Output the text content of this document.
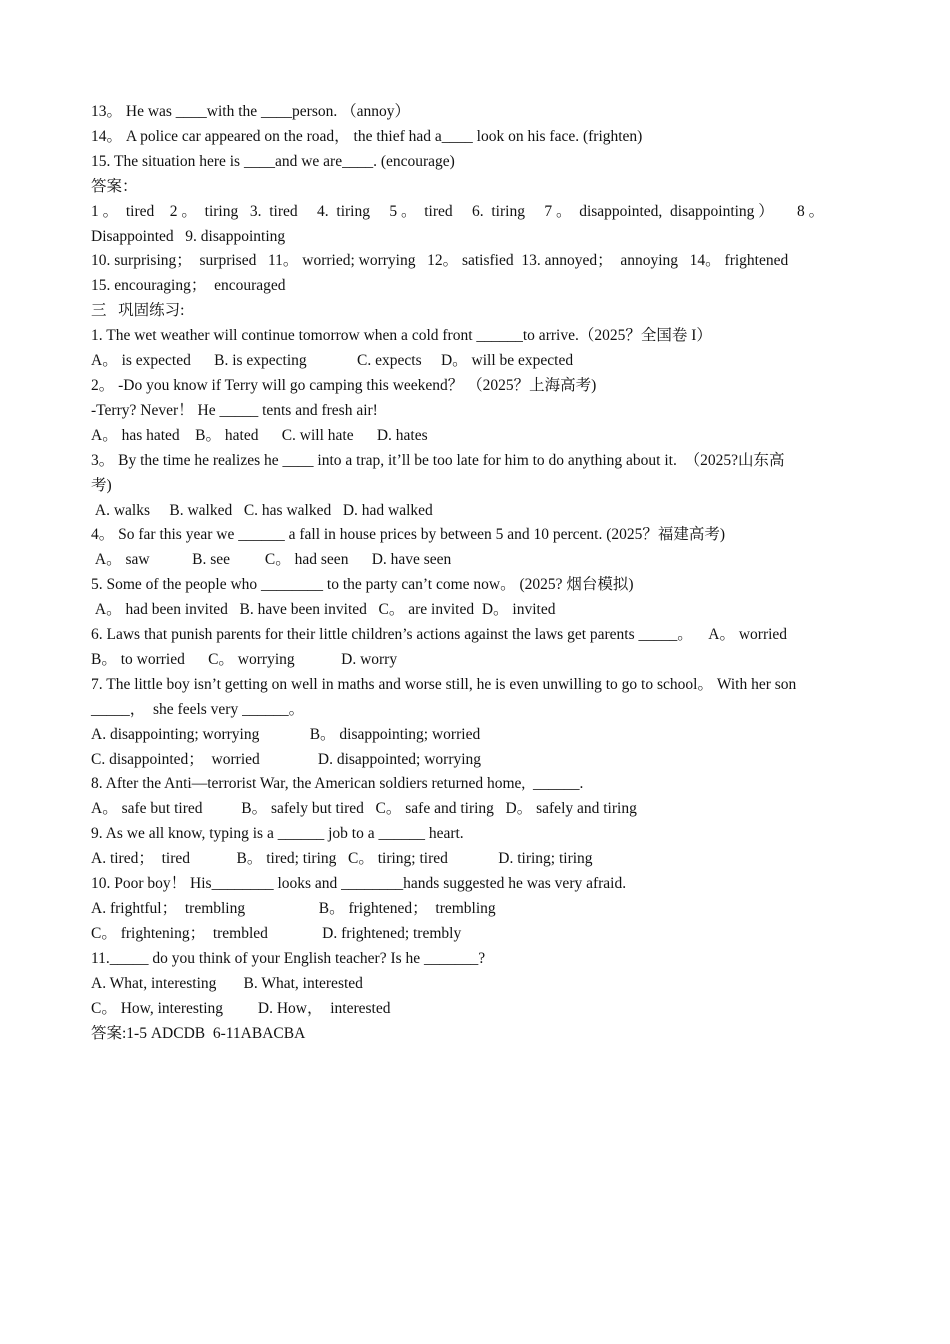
13。 He was ____with the ____person. （annoy）
14。 A police car appeared on the road， the thief had a____ look on his face. (frighten)
15. The situation here is ____and we are____. (encourage)
答案：
1 。  tired    2 。  tiring   3.  tired     4.  tiring     5 。  tired     6.  tiring     7 。  disappointed,  disappointing ）      8 。
Disappointed   9. disappointing
10. surprising；  surprised   11。 worried; worrying   12。 satisfied  13. annoyed；  annoying   14。 frightened
15. encouraging；  encouraged
三   巩固练习:
1. The wet weather will continue tomorrow when a cold front ______to arrive.（2025？全国卷 I）
A。 is expected      B. is expecting             C. expects     D。 will be expected
2。 -Do you know if Terry will go camping this weekend？ （2025？上海高考)
-Terry? Never！ He _____ tents and fresh air!
A。 has hated    B。 hated      C. will hate      D. hates
3。 By the time he realizes he ____ into a trap, it’ll be too late for him to do anything about it.  （2025?山东高
考)
A. walks     B. walked   C. has walked   D. had walked
4。 So far this year we ______ a fall in house prices by between 5 and 10 percent. (2025？福建高考)
A。 saw           B. see         C。 had seen      D. have seen
5. Some of the people who ________ to the party can’t come now。 (2025? 烟台模拟)
A。 had been invited   B. have been invited   C。 are invited  D。 invited
6. Laws that punish parents for their little children’s actions against the laws get parents _____。    A。 worried
B。 to worried      C。 worrying            D. worry
7. The little boy isn’t getting on well in maths and worse still, he is even unwilling to go to school。 With her son
_____，  she feels very ______。
A. disappointing; worrying             B。 disappointing; worried
C. disappointed；  worried               D. disappointed; worrying
8. After the Anti—terrorist War, the American soldiers returned home,  ______.
A。 safe but tired          B。 safely but tired   C。 safe and tiring   D。 safely and tiring
9. As we all know, typing is a ______ job to a ______ heart.
A. tired；  tired            B。 tired; tiring   C。 tiring; tired             D. tiring; tiring
10. Poor boy！ His________ looks and ________hands suggested he was very afraid.
A. frightful；  trembling                   B。 frightened；  trembling
C。 frightening；  trembled              D. frightened; trembly
11._____ do you think of your English teacher? Is he _______?
A. What, interesting       B. What, interested
C。 How, interesting         D. How，  interested
答案:1-5 ADCDB  6-11ABACBA
